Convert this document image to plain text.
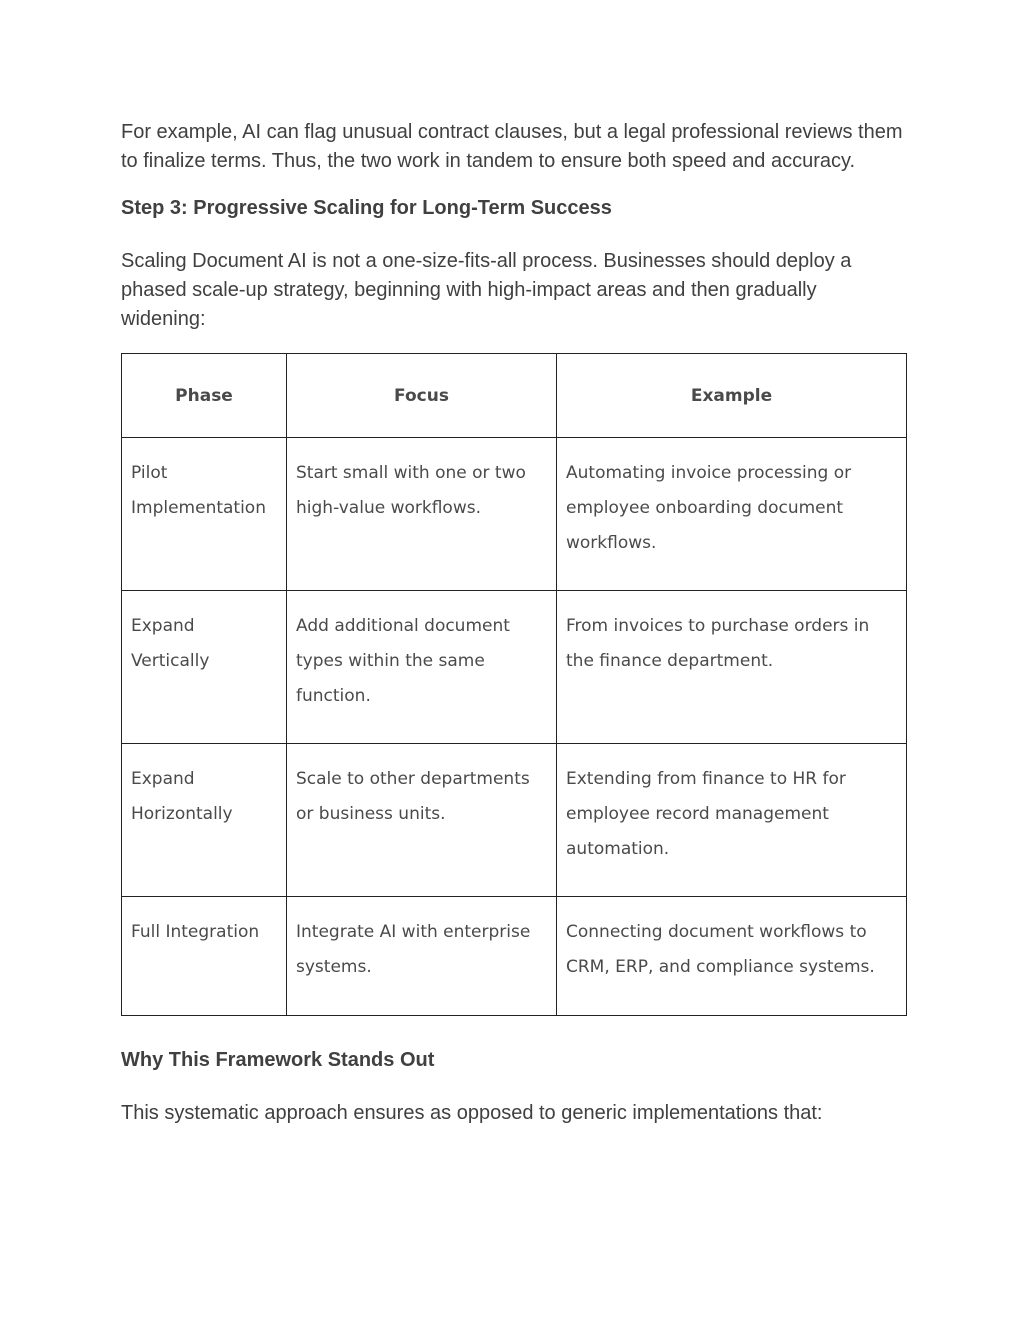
For example, AI can flag unusual contract clauses, but a legal professional reviews them to finalize terms. Thus, the two work in tandem to ensure both speed and accuracy.

Step 3: Progressive Scaling for Long-Term Success

Scaling Document AI is not a one-size-fits-all process. Businesses should deploy a phased scale-up strategy, beginning with high-impact areas and then gradually widening:

Phase	Focus	Example
Pilot Implementation	Start small with one or two high-value workflows.	Automating invoice processing or employee onboarding document workflows.
Expand Vertically	Add additional document types within the same function.	From invoices to purchase orders in the finance department.
Expand Horizontally	Scale to other departments or business units.	Extending from finance to HR for employee record management automation.
Full Integration	Integrate AI with enterprise systems.	Connecting document workflows to CRM, ERP, and compliance systems.

Why This Framework Stands Out

This systematic approach ensures as opposed to generic implementations that:
